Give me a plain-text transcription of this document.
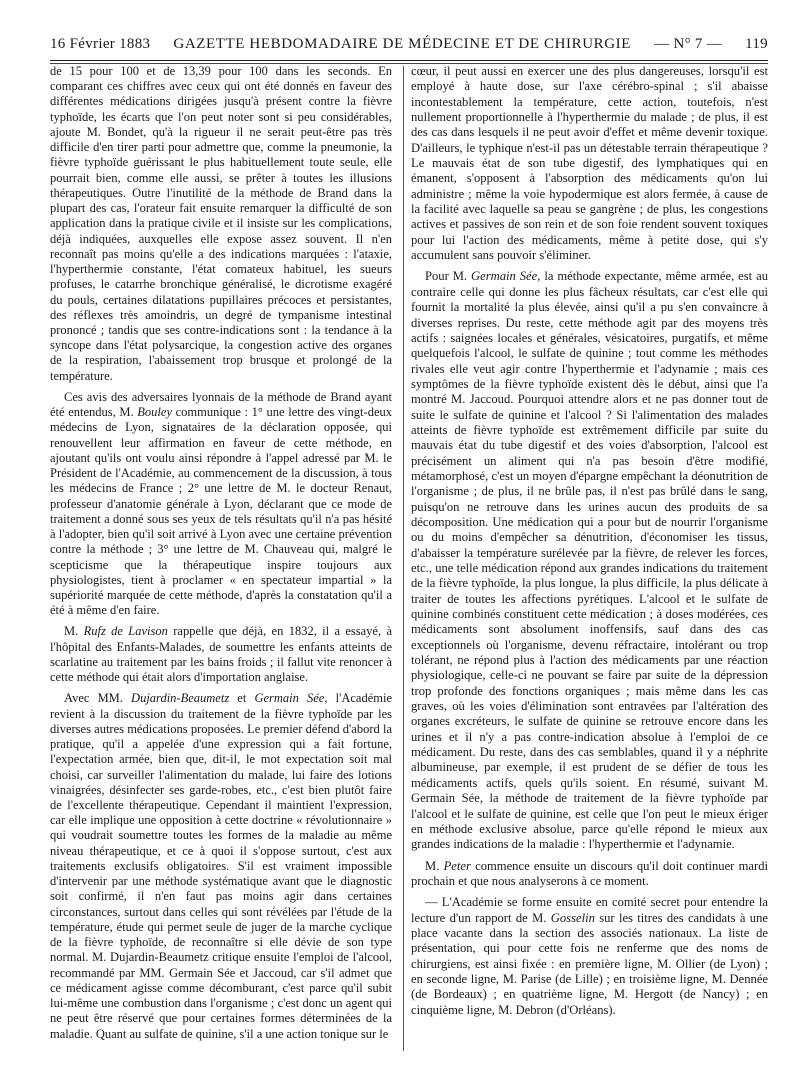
16 Février 1883 GAZETTE HEBDOMADAIRE DE MÉDECINE ET DE CHIRURGIE — N° 7 — 119

de 15 pour 100 et de 13,39 pour 100 dans les seconds. En comparant ces chiffres avec ceux qui ont été donnés en faveur des différentes médications dirigées jusqu'à présent contre la fièvre typhoïde, les écarts que l'on peut noter sont si peu considérables, ajoute M. Bondet, qu'à la rigueur il ne serait peut-être pas très difficile d'en tirer parti pour admettre que, comme la pneumonie, la fièvre typhoïde guérissant le plus habituellement toute seule, elle pourrait bien, comme elle aussi, se prêter à toutes les illusions thérapeutiques. Outre l'inutilité de la méthode de Brand dans la plupart des cas, l'orateur fait ensuite remarquer la difficulté de son application dans la pratique civile et il insiste sur les complications, déjà indiquées, auxquelles elle expose assez souvent. Il n'en reconnaît pas moins qu'elle a des indications marquées : l'ataxie, l'hyperthermie constante, l'état comateux habituel, les sueurs profuses, le catarrhe bronchique généralisé, le dicrotisme exagéré du pouls, certaines dilatations pupillaires précoces et persistantes, des réflexes très amoindris, un degré de tympanisme intestinal prononcé ; tandis que ses contre-indications sont : la tendance à la syncope dans l'état polysarcique, la congestion active des organes de la respiration, l'abaissement trop brusque et prolongé de la température.

Ces avis des adversaires lyonnais de la méthode de Brand ayant été entendus, M. Bouley communique : 1° une lettre des vingt-deux médecins de Lyon, signataires de la déclaration opposée, qui renouvellent leur affirmation en faveur de cette méthode, en ajoutant qu'ils ont voulu ainsi répondre à l'appel adressé par M. le Président de l'Académie, au commencement de la discussion, à tous les médecins de France ; 2° une lettre de M. le docteur Renaut, professeur d'anatomie générale à Lyon, déclarant que ce mode de traitement a donné sous ses yeux de tels résultats qu'il n'a pas hésité à l'adopter, bien qu'il soit arrivé à Lyon avec une certaine prévention contre la méthode ; 3° une lettre de M. Chauveau qui, malgré le scepticisme que la thérapeutique inspire toujours aux physiologistes, tient à proclamer « en spectateur impartial » la supériorité marquée de cette méthode, d'après la constatation qu'il a été à même d'en faire.

M. Rufz de Lavison rappelle que déjà, en 1832, il a essayé, à l'hôpital des Enfants-Malades, de soumettre les enfants atteints de scarlatine au traitement par les bains froids ; il fallut vite renoncer à cette méthode qui était alors d'importation anglaise.

Avec MM. Dujardin-Beaumetz et Germain Sée, l'Académie revient à la discussion du traitement de la fièvre typhoïde par les diverses autres médications proposées. Le premier défend d'abord la pratique, qu'il a appelée d'une expression qui a fait fortune, l'expectation armée, bien que, dit-il, le mot expectation soit mal choisi, car surveiller l'alimentation du malade, lui faire des lotions vinaigrées, désinfecter ses garde-robes, etc., c'est bien plutôt faire de l'excellente thérapeutique. Cependant il maintient l'expression, car elle implique une opposition à cette doctrine « révolutionnaire » qui voudrait soumettre toutes les formes de la maladie au même niveau thérapeutique, et ce à quoi il s'oppose surtout, c'est aux traitements exclusifs obligatoires. S'il est vraiment impossible d'intervenir par une méthode systématique avant que le diagnostic soit confirmé, il n'en faut pas moins agir dans certaines circonstances, surtout dans celles qui sont révélées par l'étude de la température, étude qui permet seule de juger de la marche cyclique de la fièvre typhoïde, de reconnaître si elle dévie de son type normal. M. Dujardin-Beaumetz critique ensuite l'emploi de l'alcool, recommandé par MM. Germain Sée et Jaccoud, car s'il admet que ce médicament agisse comme décomburant, c'est parce qu'il subit lui-même une combustion dans l'organisme ; c'est donc un agent qui ne peut être réservé que pour certaines formes déterminées de la maladie. Quant au sulfate de quinine, s'il a une action tonique sur le

cœur, il peut aussi en exercer une des plus dangereuses, lorsqu'il est employé à haute dose, sur l'axe cérébro-spinal ; s'il abaisse incontestablement la température, cette action, toutefois, n'est nullement proportionnelle à l'hyperthermie du malade ; de plus, il est des cas dans lesquels il ne peut avoir d'effet et même devenir toxique. D'ailleurs, le typhique n'est-il pas un détestable terrain thérapeutique ? Le mauvais état de son tube digestif, des lymphatiques qui en émanent, s'opposent à l'absorption des médicaments qu'on lui administre ; même la voie hypodermique est alors fermée, à cause de la facilité avec laquelle sa peau se gangrène ; de plus, les congestions actives et passives de son rein et de son foie rendent souvent toxiques pour lui l'action des médicaments, même à petite dose, qui s'y accumulent sans pouvoir s'éliminer.

Pour M. Germain Sée, la méthode expectante, même armée, est au contraire celle qui donne les plus fâcheux résultats, car c'est elle qui fournit la mortalité la plus élevée, ainsi qu'il a pu s'en convaincre à diverses reprises. Du reste, cette méthode agit par des moyens très actifs : saignées locales et générales, vésicatoires, purgatifs, et même quelquefois l'alcool, le sulfate de quinine ; tout comme les méthodes rivales elle veut agir contre l'hyperthermie et l'adynamie ; mais ces symptômes de la fièvre typhoïde existent dès le début, ainsi que l'a montré M. Jaccoud. Pourquoi attendre alors et ne pas donner tout de suite le sulfate de quinine et l'alcool ? Si l'alimentation des malades atteints de fièvre typhoïde est extrêmement difficile par suite du mauvais état du tube digestif et des voies d'absorption, l'alcool est précisément un aliment qui n'a pas besoin d'être modifié, métamorphosé, c'est un moyen d'épargne empêchant la déonutrition de l'organisme ; de plus, il ne brûle pas, il n'est pas brûlé dans le sang, puisqu'on ne retrouve dans les urines aucun des produits de sa décomposition. Une médication qui a pour but de nourrir l'organisme ou du moins d'empêcher sa dénutrition, d'économiser les tissus, d'abaisser la température surélevée par la fièvre, de relever les forces, etc., une telle médication répond aux grandes indications du traitement de la fièvre typhoïde, la plus longue, la plus difficile, la plus délicate à traiter de toutes les affections pyrétiques. L'alcool et le sulfate de quinine combinés constituent cette médication ; à doses modérées, ces médicaments sont absolument inoffensifs, sauf dans des cas exceptionnels où l'organisme, devenu réfractaire, intolérant ou trop tolérant, ne répond plus à l'action des médicaments par une réaction physiologique, celle-ci ne pouvant se faire par suite de la dépression trop profonde des fonctions organiques ; mais même dans les cas graves, où les voies d'élimination sont entravées par l'altération des organes excréteurs, le sulfate de quinine se retrouve encore dans les urines et il n'y a pas contre-indication absolue à l'emploi de ce médicament. Du reste, dans des cas semblables, quand il y a néphrite albumineuse, par exemple, il est prudent de se défier de tous les médicaments actifs, quels qu'ils soient. En résumé, suivant M. Germain Sée, la méthode de traitement de la fièvre typhoïde par l'alcool et le sulfate de quinine, est celle que l'on peut le mieux ériger en méthode exclusive absolue, parce qu'elle répond le mieux aux grandes indications de la maladie : l'hyperthermie et l'adynamie.

M. Peter commence ensuite un discours qu'il doit continuer mardi prochain et que nous analyserons à ce moment.

— L'Académie se forme ensuite en comité secret pour entendre la lecture d'un rapport de M. Gosselin sur les titres des candidats à une place vacante dans la section des associés nationaux. La liste de présentation, qui pour cette fois ne renferme que des noms de chirurgiens, est ainsi fixée : en première ligne, M. Ollier (de Lyon) ; en seconde ligne, M. Parise (de Lille) ; en troisième ligne, M. Dennée (de Bordeaux) ; en quatrième ligne, M. Hergott (de Nancy) ; en cinquième ligne, M. Debron (d'Orléans).
